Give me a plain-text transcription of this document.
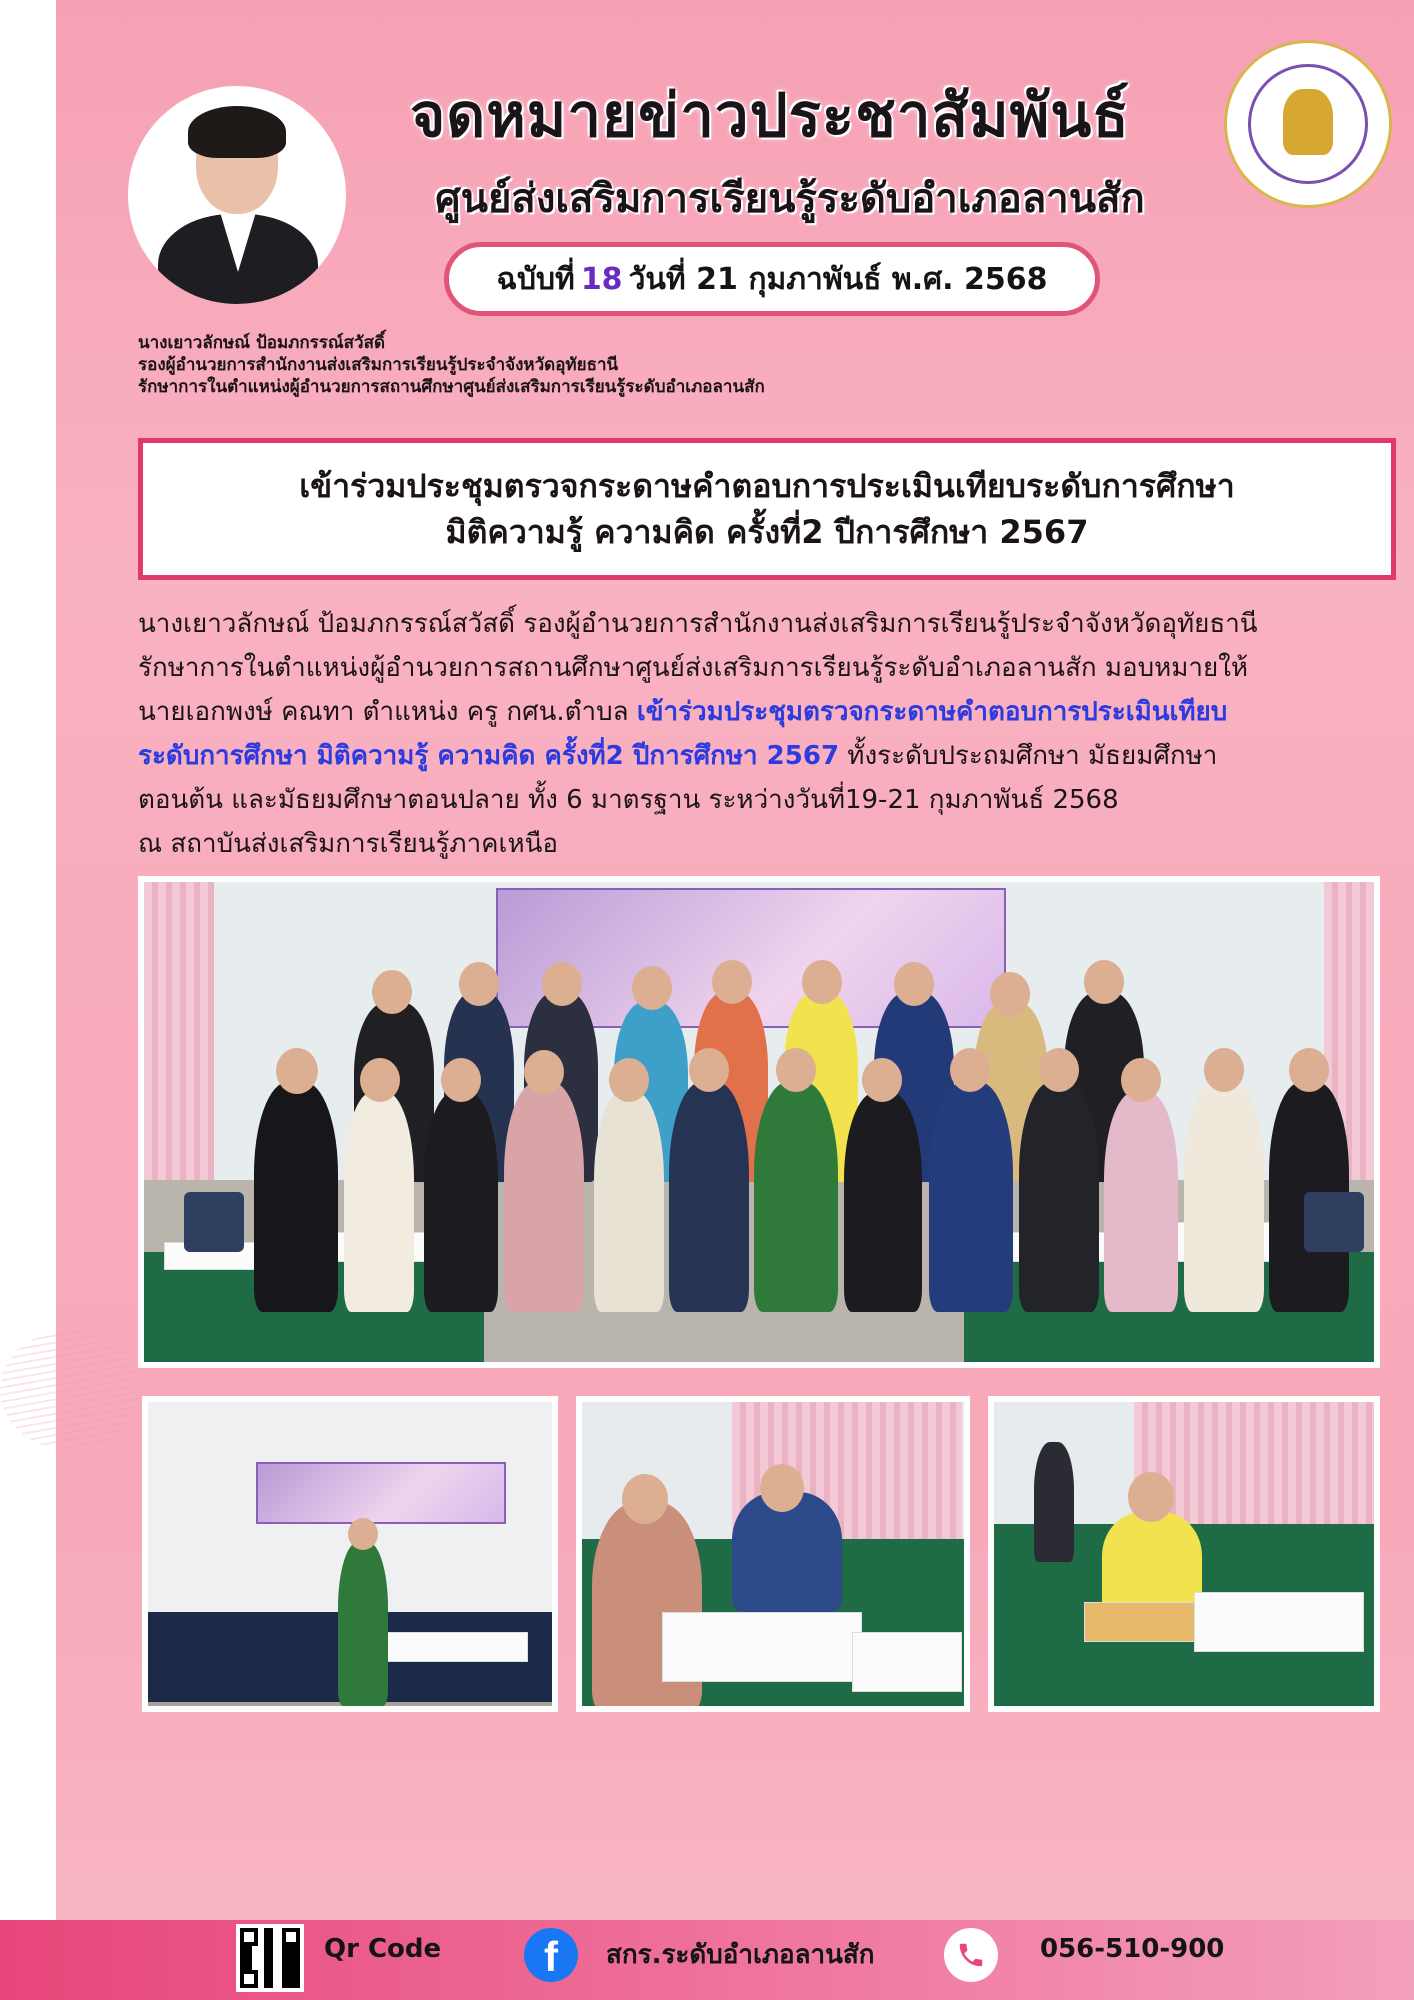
จดหมายข่าวประชาสัมพันธ์
ศูนย์ส่งเสริมการเรียนรู้ระดับอำเภอลานสัก
ฉบับที่ 18 วันที่ 21 กุมภาพันธ์ พ.ศ. 2568
นางเยาวลักษณ์ ป้อมภกรรณ์สวัสดิ์
รองผู้อำนวยการสำนักงานส่งเสริมการเรียนรู้ประจำจังหวัดอุทัยธานี
รักษาการในตำแหน่งผู้อำนวยการสถานศึกษาศูนย์ส่งเสริมการเรียนรู้ระดับอำเภอลานสัก
เข้าร่วมประชุมตรวจกระดาษคำตอบการประเมินเทียบระดับการศึกษา
มิติความรู้ ความคิด ครั้งที่2 ปีการศึกษา 2567
นางเยาวลักษณ์ ป้อมภกรรณ์สวัสดิ์ รองผู้อำนวยการสำนักงานส่งเสริมการเรียนรู้ประจำจังหวัดอุทัยธานี
รักษาการในตำแหน่งผู้อำนวยการสถานศึกษาศูนย์ส่งเสริมการเรียนรู้ระดับอำเภอลานสัก มอบหมายให้
นายเอกพงษ์ คณทา ตำแหน่ง ครู กศน.ตำบล เข้าร่วมประชุมตรวจกระดาษคำตอบการประเมินเทียบ
ระดับการศึกษา มิติความรู้ ความคิด ครั้งที่2 ปีการศึกษา 2567 ทั้งระดับประถมศึกษา มัธยมศึกษา
ตอนต้น และมัธยมศึกษาตอนปลาย ทั้ง 6 มาตรฐาน ระหว่างวันที่19-21 กุมภาพันธ์ 2568
ณ สถาบันส่งเสริมการเรียนรู้ภาคเหนือ
Qr Code	f	สกร.ระดับอำเภอลานสัก	056-510-900
